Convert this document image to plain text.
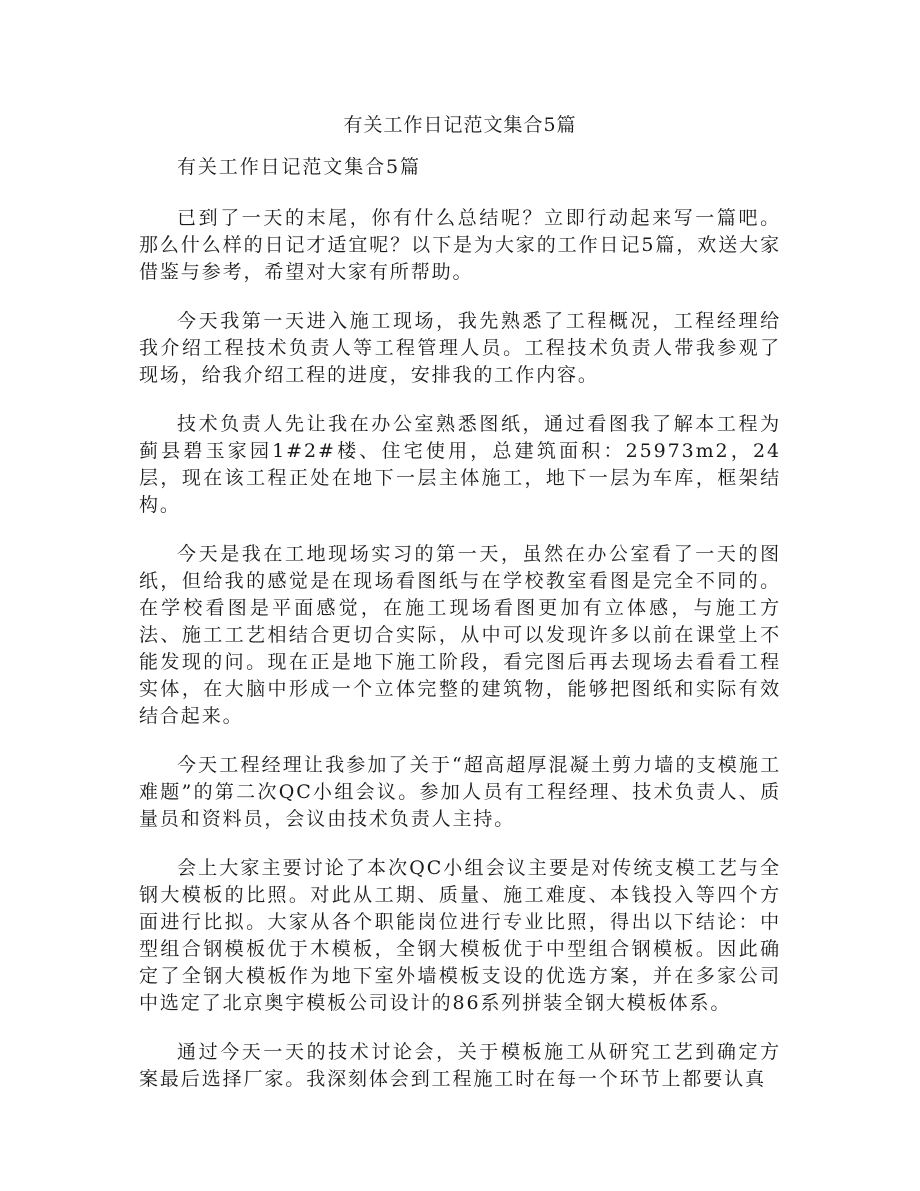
有关工作日记范文集合5篇

有关工作日记范文集合5篇

已到了一天的末尾，你有什么总结呢？立即行动起来写一篇吧。那么什么样的日记才适宜呢？以下是为大家的工作日记5篇，欢送大家借鉴与参考，希望对大家有所帮助。

今天我第一天进入施工现场，我先熟悉了工程概况，工程经理给我介绍工程技术负责人等工程管理人员。工程技术负责人带我参观了现场，给我介绍工程的进度，安排我的工作内容。

技术负责人先让我在办公室熟悉图纸，通过看图我了解本工程为蓟县碧玉家园1#2#楼、住宅使用，总建筑面积：25973m2，24层，现在该工程正处在地下一层主体施工，地下一层为车库，框架结构。

今天是我在工地现场实习的第一天，虽然在办公室看了一天的图纸，但给我的感觉是在现场看图纸与在学校教室看图是完全不同的。在学校看图是平面感觉，在施工现场看图更加有立体感，与施工方法、施工工艺相结合更切合实际，从中可以发现许多以前在课堂上不能发现的问。现在正是地下施工阶段，看完图后再去现场去看看工程实体，在大脑中形成一个立体完整的建筑物，能够把图纸和实际有效结合起来。

今天工程经理让我参加了关于“超高超厚混凝土剪力墙的支模施工难题”的第二次QC小组会议。参加人员有工程经理、技术负责人、质量员和资料员，会议由技术负责人主持。

会上大家主要讨论了本次QC小组会议主要是对传统支模工艺与全钢大模板的比照。对此从工期、质量、施工难度、本钱投入等四个方面进行比拟。大家从各个职能岗位进行专业比照，得出以下结论：中型组合钢模板优于木模板，全钢大模板优于中型组合钢模板。因此确定了全钢大模板作为地下室外墙模板支设的优选方案，并在多家公司中选定了北京奥宇模板公司设计的86系列拼装全钢大模板体系。

通过今天一天的技术讨论会，关于模板施工从研究工艺到确定方案最后选择厂家。我深刻体会到工程施工时在每一个环节上都要认真
